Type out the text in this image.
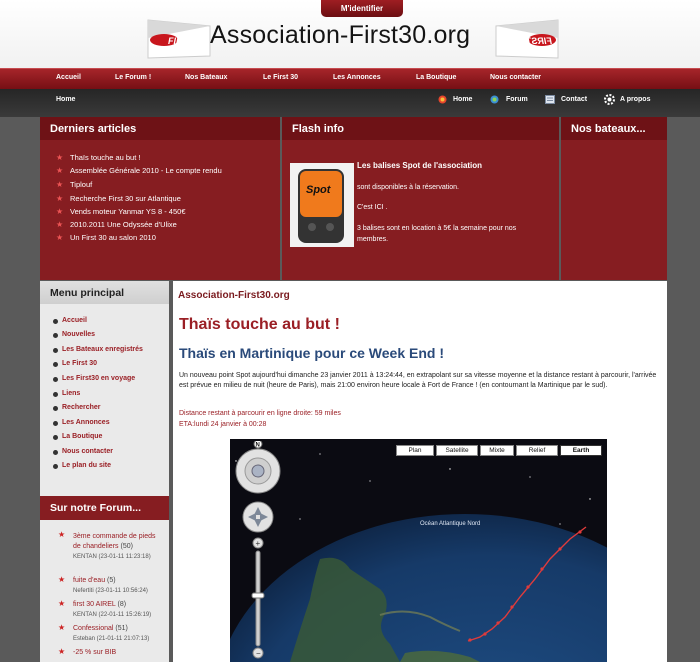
M'identifier
FIRST	FIRST
Association-First30.org
Accueil	Le Forum !	Nos Bateaux	Le First 30	Les Annonces	La Boutique	Nous contacter
Home	Home	Forum	Contact	A propos
Derniers articles
★ Thaïs touche au but !
★ Assemblée Générale 2010 - Le compte rendu
★ Tiplouf
★ Recherche First 30 sur Atlantique
★ Vends moteur Yanmar YS 8 - 450€
★ 2010.2011 Une Odyssée d'Ulixe
★ Un First 30 au salon 2010
Flash info
Spot
Les balises Spot de l'association
sont disponibles à la réservation.
C'est ICI .
3 balises sont en location à 5€ la semaine pour nos membres.
Nos bateaux...
Menu principal
Accueil
Nouvelles
Les Bateaux enregistrés
Le First 30
Les First30 en voyage
Liens
Rechercher
Les Annonces
La Boutique
Nous contacter
Le plan du site
Sur notre Forum...
★ 3ème commande de pieds de chandeliers (50)
KENTAN (23-01-11 11:23:18)
★ fuite d'eau (5)
Nefertiti (23-01-11 10:56:24)
★ first 30 AIREL (8)
KENTAN (22-01-11 15:26:19)
★ Confessional (51)
Esteban (21-01-11 21:07:13)
★ -25 % sur BIB
Association-First30.org
Thaïs touche au but !
Thaïs en Martinique pour ce Week End !
Un nouveau point Spot aujourd'hui dimanche 23 janvier 2011 à 13:24:44, en extrapolant sur sa vitesse moyenne et la distance restant à parcourir, l'arrivée est prévue en milieu de nuit (heure de Paris), mais 21:00 environ heure locale à Fort de France ! (en contournant la Martinique par le sud).
Distance restant à parcourir en ligne droite: 59 miles
ETA:lundi 24 janvier à 00:28
Océan Atlantique Nord
Plan	Satellite	Mixte	Relief	Earth
N
+
−
